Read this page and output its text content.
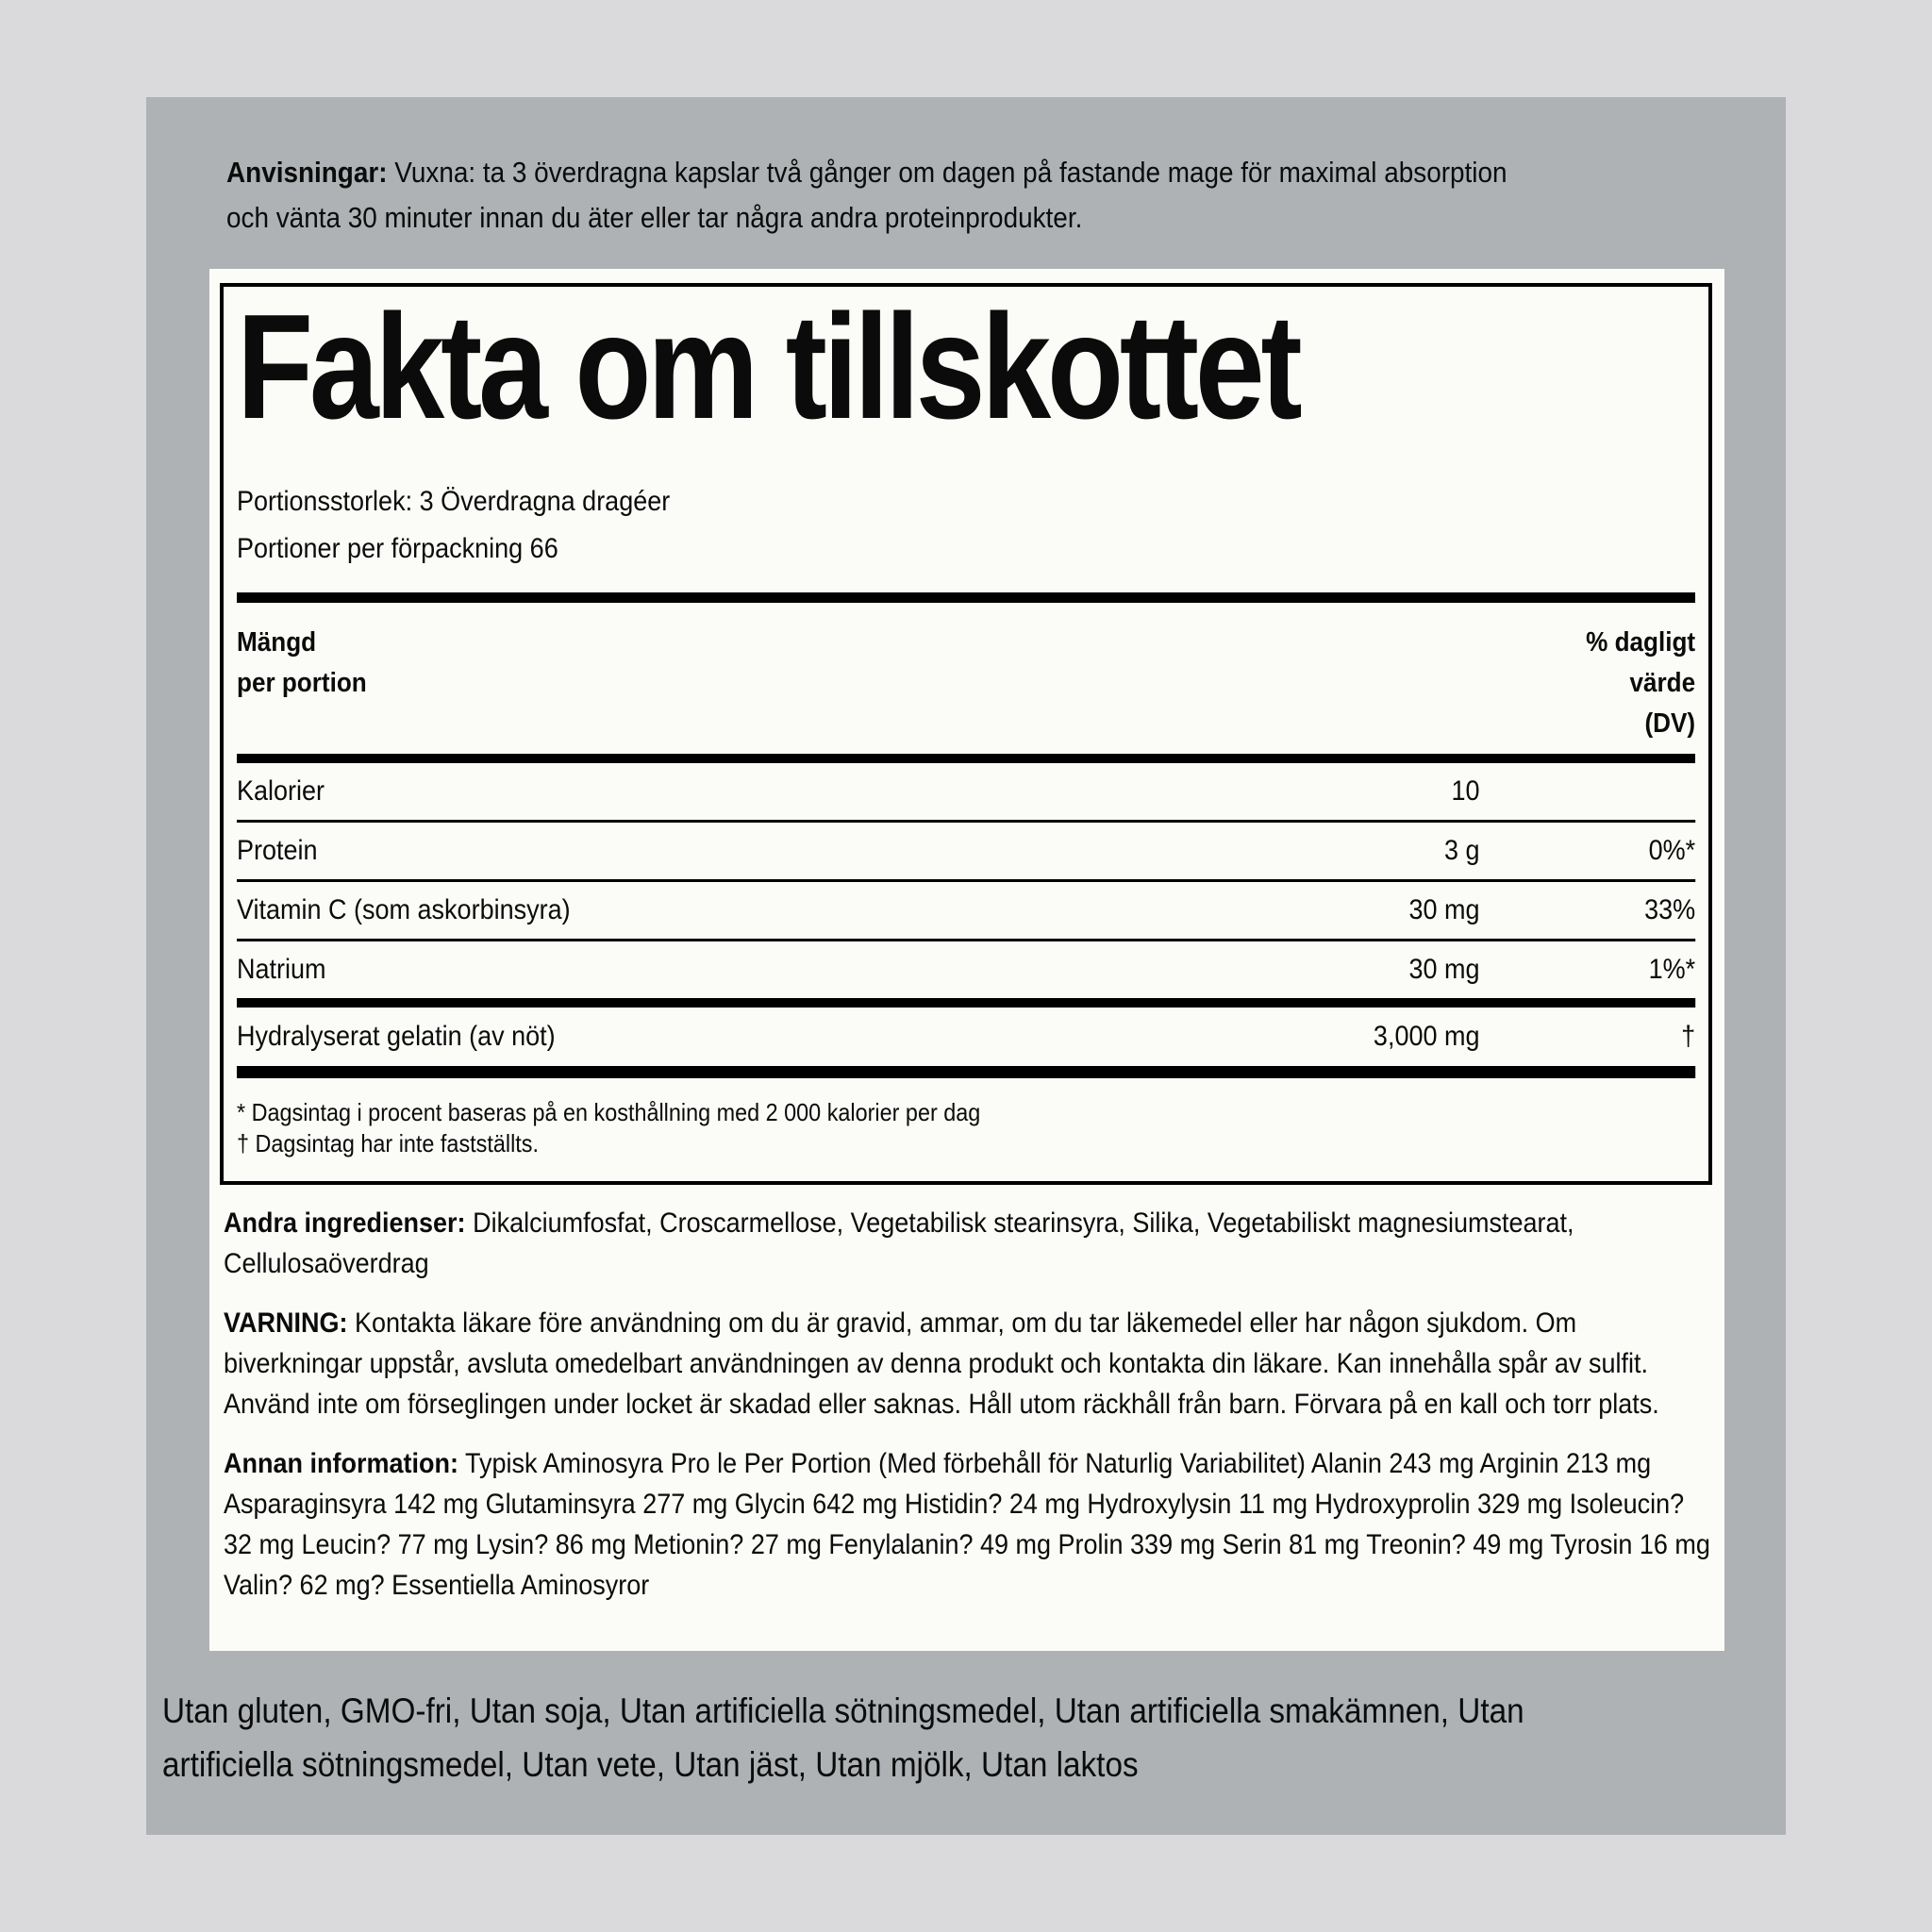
Anvisningar: Vuxna: ta 3 överdragna kapslar två gånger om dagen på fastande mage för maximal absorption och vänta 30 minuter innan du äter eller tar några andra proteinprodukter.
Fakta om tillskottet
Portionsstorlek: 3 Överdragna dragéer
Portioner per förpackning 66
Mängd
per portion
% dagligt
värde
(DV)
Kalorier	10
Protein	3 g	0%*
Vitamin C (som askorbinsyra)	30 mg	33%
Natrium	30 mg	1%*
Hydralyserat gelatin (av nöt)	3,000 mg	†
* Dagsintag i procent baseras på en kosthållning med 2 000 kalorier per dag
† Dagsintag har inte fastställts.
Andra ingredienser: Dikalciumfosfat, Croscarmellose, Vegetabilisk stearinsyra, Silika, Vegetabiliskt magnesiumstearat, Cellulosaöverdrag
VARNING: Kontakta läkare före användning om du är gravid, ammar, om du tar läkemedel eller har någon sjukdom. Om biverkningar uppstår, avsluta omedelbart användningen av denna produkt och kontakta din läkare. Kan innehålla spår av sulfit. Använd inte om förseglingen under locket är skadad eller saknas. Håll utom räckhåll från barn. Förvara på en kall och torr plats.
Annan information: Typisk Aminosyra Pro le Per Portion (Med förbehåll för Naturlig Variabilitet) Alanin 243 mg Arginin 213 mg Asparaginsyra 142 mg Glutaminsyra 277 mg Glycin 642 mg Histidin? 24 mg Hydroxylysin 11 mg Hydroxyprolin 329 mg Isoleucin? 32 mg Leucin? 77 mg Lysin? 86 mg Metionin? 27 mg Fenylalanin? 49 mg Prolin 339 mg Serin 81 mg Treonin? 49 mg Tyrosin 16 mg Valin? 62 mg? Essentiella Aminosyror
Utan gluten, GMO-fri, Utan soja, Utan artificiella sötningsmedel, Utan artificiella smakämnen, Utan artificiella sötningsmedel, Utan vete, Utan jäst, Utan mjölk, Utan laktos
